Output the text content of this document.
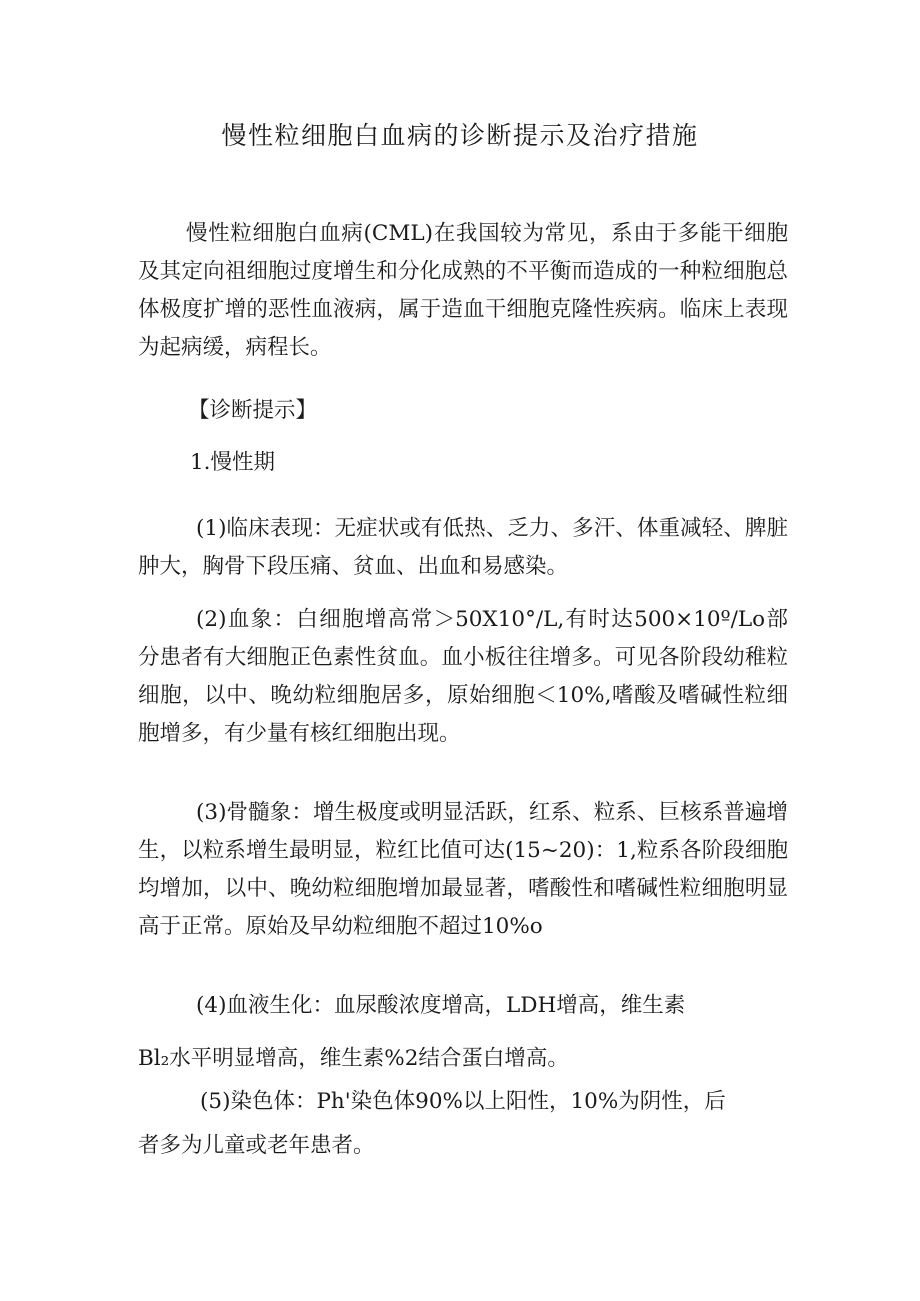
慢性粒细胞白血病的诊断提示及治疗措施
慢性粒细胞白血病(CML)在我国较为常见，系由于多能干细胞及其定向祖细胞过度增生和分化成熟的不平衡而造成的一种粒细胞总体极度扩增的恶性血液病，属于造血干细胞克隆性疾病。临床上表现为起病缓，病程长。
【诊断提示】
1.慢性期
(1)临床表现：无症状或有低热、乏力、多汗、体重减轻、脾脏肿大，胸骨下段压痛、贫血、出血和易感染。
(2)血象：白细胞增高常＞50X10°/L,有时达500×10º/Lo部分患者有大细胞正色素性贫血。血小板往往增多。可见各阶段幼稚粒细胞，以中、晚幼粒细胞居多，原始细胞＜10%,嗜酸及嗜碱性粒细胞增多，有少量有核红细胞出现。
(3)骨髓象：增生极度或明显活跃，红系、粒系、巨核系普遍增生，以粒系增生最明显，粒红比值可达(15~20)：1,粒系各阶段细胞均增加，以中、晚幼粒细胞增加最显著，嗜酸性和嗜碱性粒细胞明显高于正常。原始及早幼粒细胞不超过10%o
(4)血液生化：血尿酸浓度增高，LDH增高，维生素
Bl₂水平明显增高，维生素%2结合蛋白增高。
(5)染色体：Ph'染色体90%以上阳性，10%为阴性，后
者多为儿童或老年患者。
